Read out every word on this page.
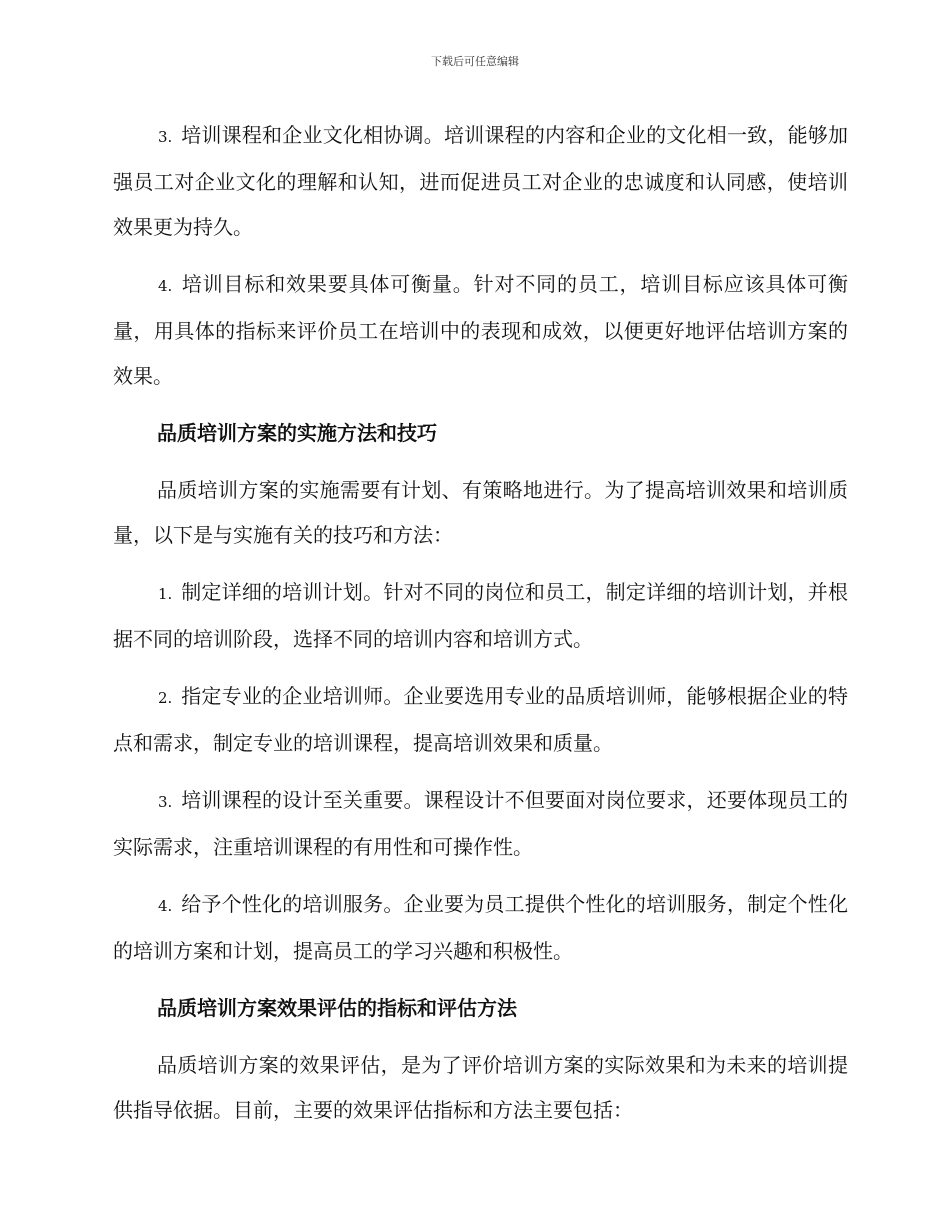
下载后可任意编辑

3. 培训课程和企业文化相协调。培训课程的内容和企业的文化相一致，能够加强员工对企业文化的理解和认知，进而促进员工对企业的忠诚度和认同感，使培训效果更为持久。

4. 培训目标和效果要具体可衡量。针对不同的员工，培训目标应该具体可衡量，用具体的指标来评价员工在培训中的表现和成效，以便更好地评估培训方案的效果。

品质培训方案的实施方法和技巧

品质培训方案的实施需要有计划、有策略地进行。为了提高培训效果和培训质量，以下是与实施有关的技巧和方法：

1. 制定详细的培训计划。针对不同的岗位和员工，制定详细的培训计划，并根据不同的培训阶段，选择不同的培训内容和培训方式。

2. 指定专业的企业培训师。企业要选用专业的品质培训师，能够根据企业的特点和需求，制定专业的培训课程，提高培训效果和质量。

3. 培训课程的设计至关重要。课程设计不但要面对岗位要求，还要体现员工的实际需求，注重培训课程的有用性和可操作性。

4. 给予个性化的培训服务。企业要为员工提供个性化的培训服务，制定个性化的培训方案和计划，提高员工的学习兴趣和积极性。

品质培训方案效果评估的指标和评估方法

品质培训方案的效果评估，是为了评价培训方案的实际效果和为未来的培训提供指导依据。目前，主要的效果评估指标和方法主要包括：
